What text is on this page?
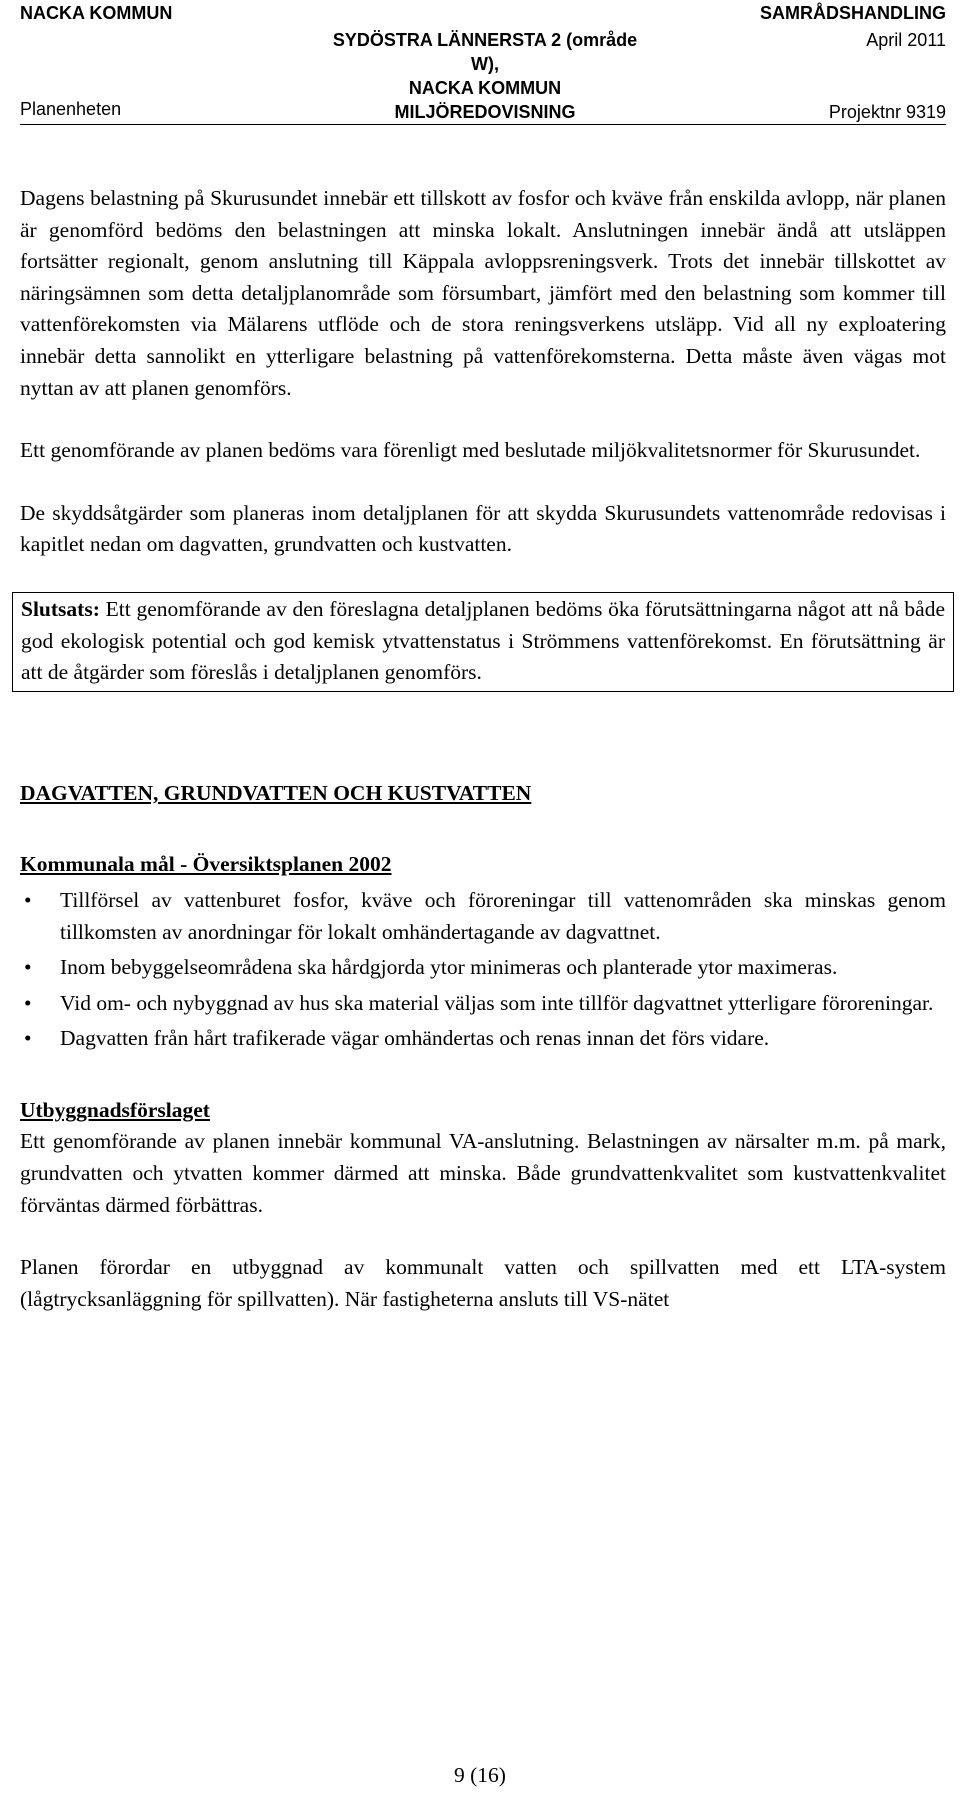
NACKA KOMMUN
Planenheten
SYDÖSTRA LÄNNERSTA 2 (område
W),
NACKA KOMMUN
MILJÖREDOVISNING
SAMRÅDSHANDLING
April 2011
Projektnr 9319

Dagens belastning på Skurusundet innebär ett tillskott av fosfor och kväve från enskilda avlopp, när planen är genomförd bedöms den belastningen att minska lokalt. Anslutningen innebär ändå att utsläppen fortsätter regionalt, genom anslutning till Käppala avloppsreningsverk. Trots det innebär tillskottet av näringsämnen som detta detaljplanområde som försumbart, jämfört med den belastning som kommer till vattenförekomsten via Mälarens utflöde och de stora reningsverkens utsläpp. Vid all ny exploatering innebär detta sannolikt en ytterligare belastning på vattenförekomsterna. Detta måste även vägas mot nyttan av att planen genomförs.

Ett genomförande av planen bedöms vara förenligt med beslutade miljökvalitetsnormer för Skurusundet.

De skyddsåtgärder som planeras inom detaljplanen för att skydda Skurusundets vattenområde redovisas i kapitlet nedan om dagvatten, grundvatten och kustvatten.

Slutsats: Ett genomförande av den föreslagna detaljplanen bedöms öka förutsättningarna något att nå både god ekologisk potential och god kemisk ytvattenstatus i Strömmens vattenförekomst. En förutsättning är att de åtgärder som föreslås i detaljplanen genomförs.

DAGVATTEN, GRUNDVATTEN OCH KUSTVATTEN

Kommunala mål - Översiktsplanen 2002

• Tillförsel av vattenburet fosfor, kväve och föroreningar till vattenområden ska minskas genom tillkomsten av anordningar för lokalt omhändertagande av dagvattnet.
• Inom bebyggelseområdena ska hårdgjorda ytor minimeras och planterade ytor maximeras.
• Vid om- och nybyggnad av hus ska material väljas som inte tillför dagvattnet ytterligare föroreningar.
• Dagvatten från hårt trafikerade vägar omhändertas och renas innan det förs vidare.

Utbyggnadsförslaget

Ett genomförande av planen innebär kommunal VA-anslutning. Belastningen av närsalter m.m. på mark, grundvatten och ytvatten kommer därmed att minska. Både grundvattenkvalitet som kustvattenkvalitet förväntas därmed förbättras.

Planen förordar en utbyggnad av kommunalt vatten och spillvatten med ett LTA-system (lågtrycksanläggning för spillvatten). När fastigheterna ansluts till VS-nätet

9 (16)
